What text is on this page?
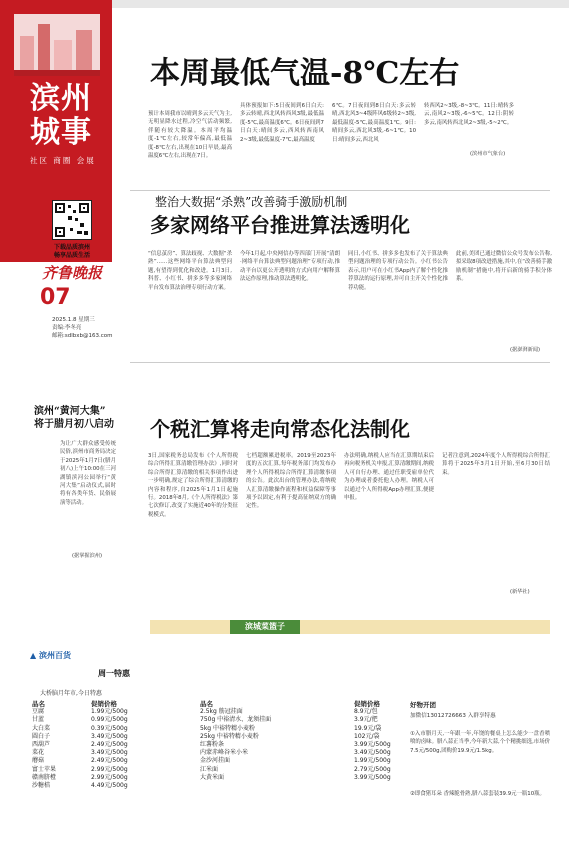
滨州
城事
社区 商圈 会展
下载品质滨州
畅享品质生活
齐鲁晚报
07
2025.1.8 星期三
责编:李冬亮
邮箱:sdlbxb@163.com
滨州“黄河大集”
将于腊月初八启动
为让广大群众感受传统民俗,滨州市商务局决定于2025年1月7日(腊月初八)上午10:00在三河湖镇滨河公园举行“黄河大集”启动仪式,届时将有各类年货、民俗展演等活动。
(据掌握滨州)
本周最低气温-8℃左右
预计本周我市以晴到多云天气为主,无明显降水过程,冷空气活动频繁,伴随有较大降温。本周平均温度-1℃左右,较常年偏高,最低温度-8℃左右,出现在10日早晨,最高温度6℃左右,出现在7日。
具体预报如下:5日夜间到6日白天:多云转晴,西北风转西风3级,最低温度-5℃,最高温度6℃。6日夜间到7日白天:晴间多云,西风转西南风2~3级,最低温度-7℃,最高温度
6℃。7日夜间到8日白天:多云转晴,西北风3~4级阵风6级转2~3级,最低温度-5℃,最高温度1℃。9日:晴间多云,西北风3级,-6~1℃。10日:晴间多云,西北风
转西风2~3级,-8~3℃。11日:晴转多云,南风2~3级,-6~5℃。12日:阴转多云,南风转西北风2~3级,-5~2℃。
(滨州市气象台)
整治大数据“杀熟”改善骑手激励机制
多家网络平台推进算法透明化
“信息茧房”、算法歧视、大数据“杀熟”……这些网络平台算法典型问题,有望得到优化和改进。1月3日,科普、小红书、拼多多等多家网络平台发布算法治理专项行动方案。
今年1月起,中央网信办等四部门开展“清朗·网络平台算法典型问题治理”专项行动,推动平台以更公开透明的方式向用户解释算法运作原理,推动算法透明化。
同日,小红书、拼多多也发布了关于算法典型问题治理的专项行动公告。小红书公告表示,用户可在小红书App内了解个性化推荐算法的运行原理,并可自主开关个性化推荐功能。
此前,美团已通过微信公众号发布公告称,拟采取8项改进措施,其中,在“改善骑手激励机制”措施中,将开启新的骑手积分体系。
(据澎湃新闻)
个税汇算将走向常态化法制化
3日,国家税务总局发布《个人所得税综合所得汇算清缴管理办法》,同时对综合所得汇算清缴的相关事项作出进一步明确,规定了综合所得汇算清缴的内容和程序,自2025年1月1日起施行。2018年8月,《个人所得税法》第七次修订,改变了实施近40年的分类征税模式。
七档超额累进税率。2019至2023年度的五次汇算,每年税务部门均发布办理个人所得税综合所得汇算清缴事项的公告。此次出台的管理办法,将纳税人汇算清缴操作流程和权益保障等事项予以固定,有利于提高征纳双方的确定性。
办法明确,纳税人应当在汇算期结束后再向税务机关申报,汇算清缴期间,纳税人可自行办理、通过任职受雇单位代为办理或者委托他人办理。纳税人可以通过个人所得税App办理汇算,便捷申报。
记者注意到,2024年度个人所得税综合所得汇算将于2025年3月1日开始,至6月30日结束。
(新华社)
滨城菜篮子
▲ 滨州百货
周一特惠
大桥脑月年市,今日特惠
品名	促销价格	品名	促销价格
豆腐	1.99元/500g	2.5kg 筋冠挂面	8.9元/包
甘蓝	0.99元/500g	750g 中裕清水、龙须挂面	3.9元/把
大白菜	0.39元/500g	5kg 中裕特精小麦粉	19.9元/袋
圆白子	3.49元/500g	25kg 中裕特精小麦粉	102元/袋
西葫芦	2.49元/500g	红薯粉条	3.99元/500g
菜花	3.49元/500g	内蒙赤峰谷米小米	3.49元/500g
蘑菇	2.49元/500g	金沙河挂面	1.99元/500g
富士苹果	2.99元/500g	江米面	2.79元/500g
赣南脐橙	2.99元/500g	大黄米面	3.99元/500g
沙糖桔	4.49元/500g		
好物开团
加微信13012726663 入群享特惠
①入市腊月天,一年跟一年,年饶的餐桌上怎么能少一盘香喷喷的卤味。腊八蒜正当季,今年新大蒜,个个精挑细选,市场价7.5元/500g,团购价19.9元/1.5kg。
②即食猪耳朵 香辣脆骨熟,腊八蒜套装39.9元一瓶10瓶。
